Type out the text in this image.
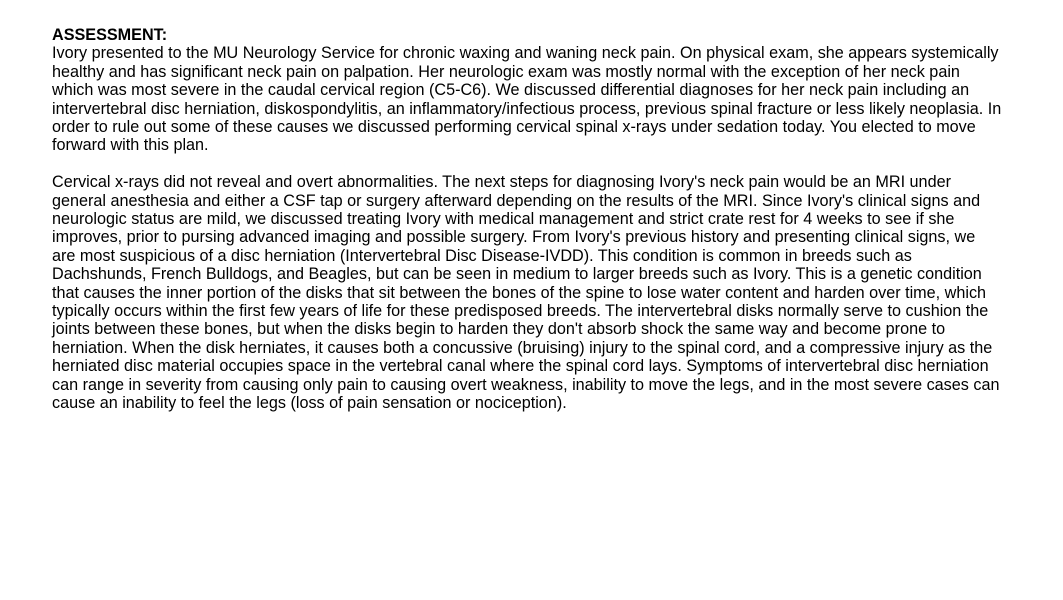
ASSESSMENT:

Ivory presented to the MU Neurology Service for chronic waxing and waning neck pain. On physical exam, she appears systemically healthy and has significant neck pain on palpation. Her neurologic exam was mostly normal with the exception of her neck pain which was most severe in the caudal cervical region (C5-C6). We discussed differential diagnoses for her neck pain including an intervertebral disc herniation, diskospondylitis, an inflammatory/infectious process, previous spinal fracture or less likely neoplasia. In order to rule out some of these causes we discussed performing cervical spinal x-rays under sedation today. You elected to move forward with this plan.

Cervical x-rays did not reveal and overt abnormalities. The next steps for diagnosing Ivory's neck pain would be an MRI under general anesthesia and either a CSF tap or surgery afterward depending on the results of the MRI. Since Ivory's clinical signs and neurologic status are mild, we discussed treating Ivory with medical management and strict crate rest for 4 weeks to see if she improves, prior to pursing advanced imaging and possible surgery. From Ivory's previous history and presenting clinical signs, we are most suspicious of a disc herniation (Intervertebral Disc Disease-IVDD). This condition is common in breeds such as Dachshunds, French Bulldogs, and Beagles, but can be seen in medium to larger breeds such as Ivory. This is a genetic condition that causes the inner portion of the disks that sit between the bones of the spine to lose water content and harden over time, which typically occurs within the first few years of life for these predisposed breeds. The intervertebral disks normally serve to cushion the joints between these bones, but when the disks begin to harden they don't absorb shock the same way and become prone to herniation. When the disk herniates, it causes both a concussive (bruising) injury to the spinal cord, and a compressive injury as the herniated disc material occupies space in the vertebral canal where the spinal cord lays. Symptoms of intervertebral disc herniation can range in severity from causing only pain to causing overt weakness, inability to move the legs, and in the most severe cases can cause an inability to feel the legs (loss of pain sensation or nociception).
